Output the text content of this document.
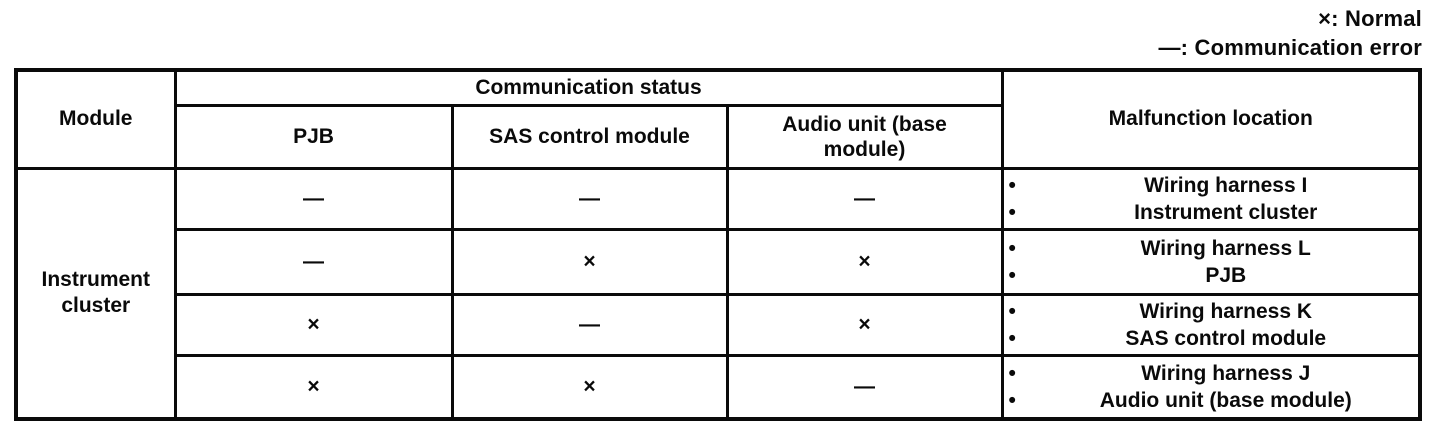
×: Normal
—: Communication error
Module	Communication status			Malfunction location
	PJB	SAS control module	Audio unit (base module)	

Instrument cluster	—	—	—	
• Wiring harness I
• Instrument cluster

—	×	×	
• Wiring harness L
• PJB

×	—	×	
• Wiring harness K
• SAS control module

×	×	—	
• Wiring harness J
• Audio unit (base module)
